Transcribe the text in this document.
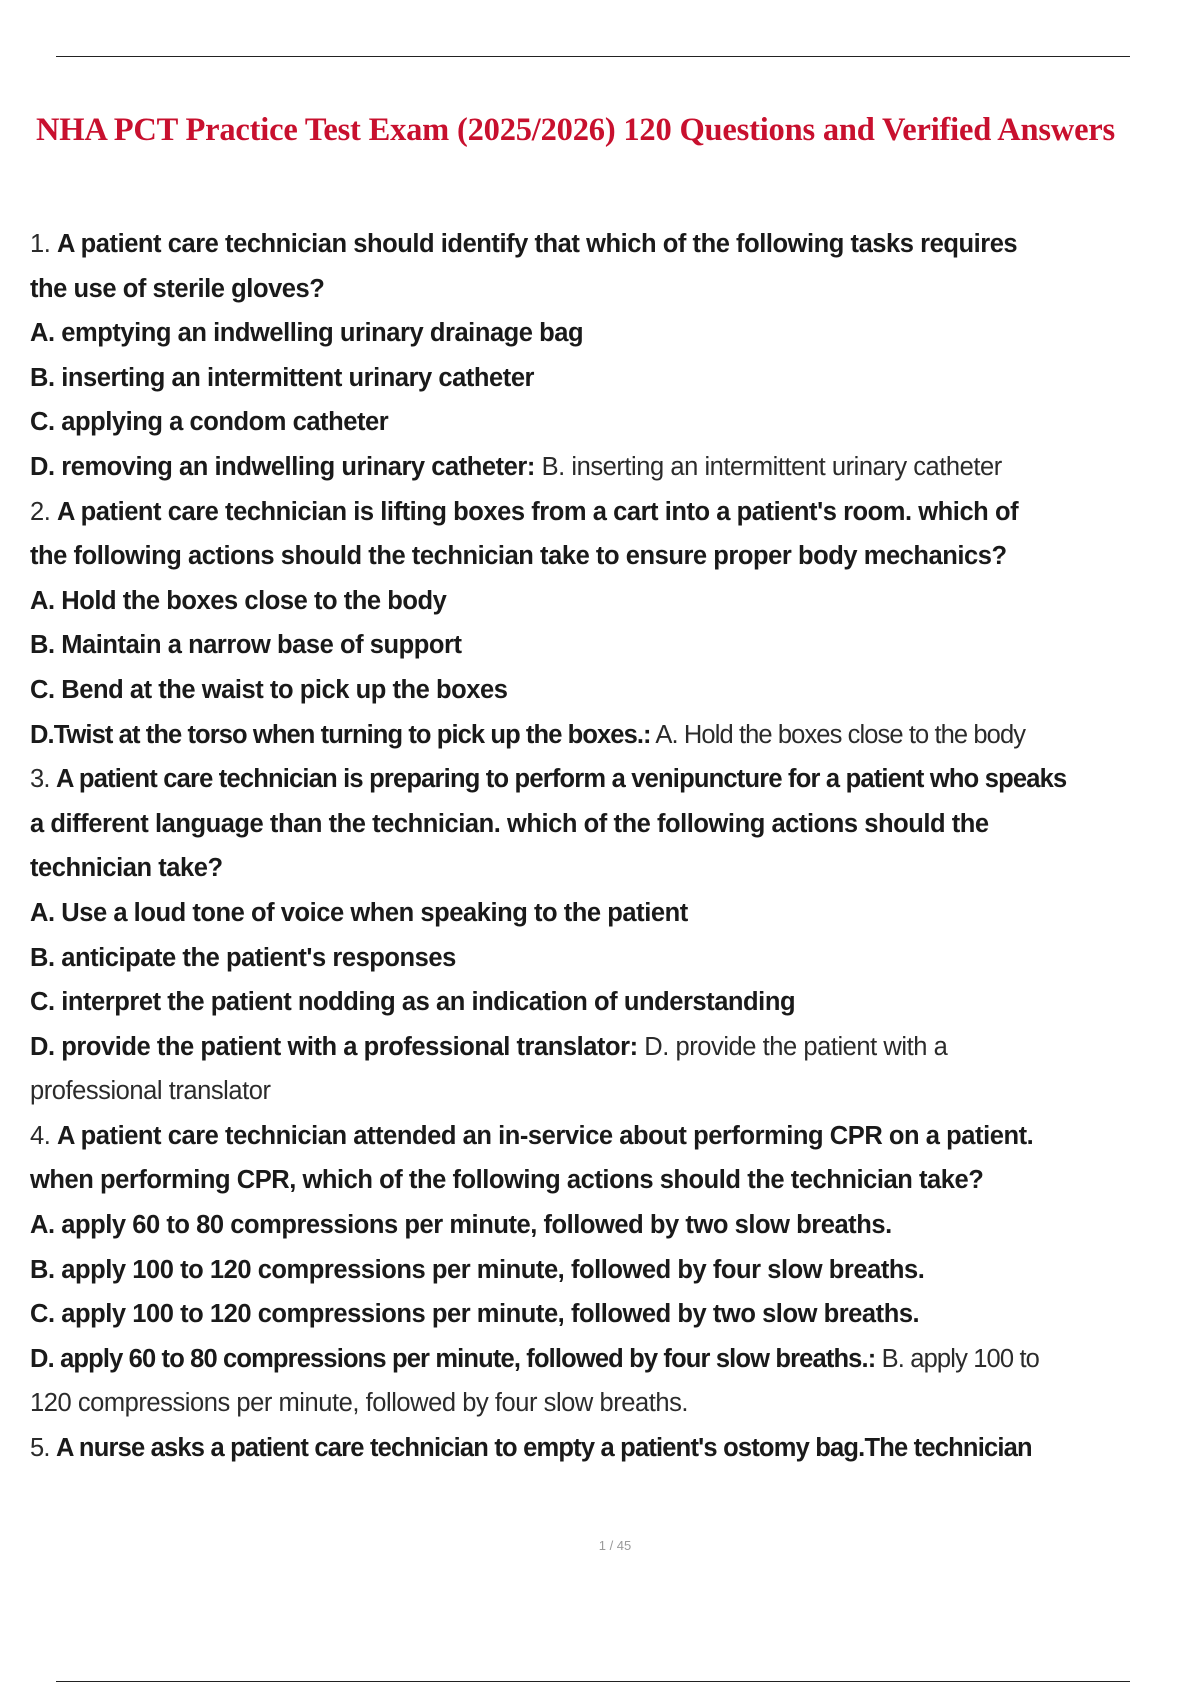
NHA PCT Practice Test Exam (2025/2026) 120 Questions and Verified Answers
1. A patient care technician should identify that which of the following tasks requires
the use of sterile gloves?
A. emptying an indwelling urinary drainage bag
B. inserting an intermittent urinary catheter
C. applying a condom catheter
D. removing an indwelling urinary catheter: B. inserting an intermittent urinary catheter
2. A patient care technician is lifting boxes from a cart into a patient's room. which of
the following actions should the technician take to ensure proper body mechanics?
A. Hold the boxes close to the body
B. Maintain a narrow base of support
C. Bend at the waist to pick up the boxes
D.Twist at the torso when turning to pick up the boxes.: A. Hold the boxes close to the body
3. A patient care technician is preparing to perform a venipuncture for a patient who speaks
a different language than the technician. which of the following actions should the
technician take?
A. Use a loud tone of voice when speaking to the patient
B. anticipate the patient's responses
C. interpret the patient nodding as an indication of understanding
D. provide the patient with a professional translator: D. provide the patient with a
professional translator
4. A patient care technician attended an in-service about performing CPR on a patient.
when performing CPR, which of the following actions should the technician take?
A. apply 60 to 80 compressions per minute, followed by two slow breaths.
B. apply 100 to 120 compressions per minute, followed by four slow breaths.
C. apply 100 to 120 compressions per minute, followed by two slow breaths.
D. apply 60 to 80 compressions per minute, followed by four slow breaths.: B. apply 100 to
120 compressions per minute, followed by four slow breaths.
5. A nurse asks a patient care technician to empty a patient's ostomy bag.The technician
1 / 45
